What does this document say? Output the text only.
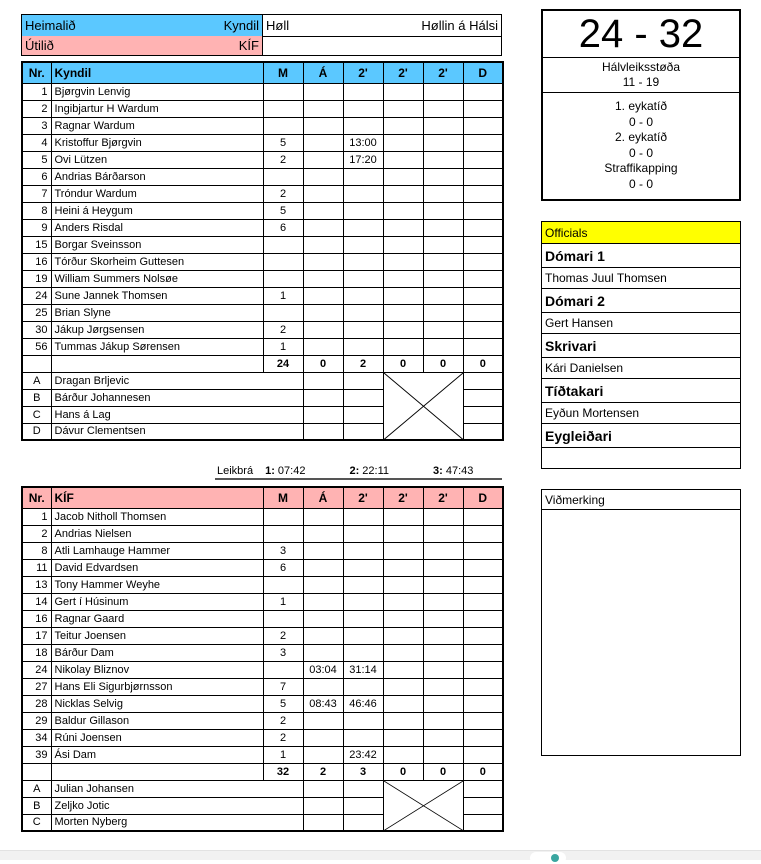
Heimalið	Kyndil Høll	Høllin á Hálsi
Útilið	KÍF
Nr.	Kyndil	M	Á	2'	2'	2'	D
1	Bjørgvin Lenvig						
2	Ingibjartur H Wardum						
3	Ragnar Wardum						
4	Kristoffur Bjørgvin	5		13:00			
5	Ovi Lützen	2		17:20			
6	Andrias Bárðarson						
7	Tróndur Wardum	2					
8	Heini á Heygum	5					
9	Anders Risdal	6					
15	Borgar Sveinsson						
16	Tórður Skorheim Guttesen						
19	William Summers Nolsøe						
24	Sune Jannek Thomsen	1					
25	Brian Slyne						
30	Jákup Jørgsensen	2					
56	Tummas Jákup Sørensen	1					
		24	0	2	0	0	0
A	Dragan Brljevic			

B	Bárður Johannesen						
C	Hans á Lag						
D	Dávur Clementsen						
Leikbrá 1: 07:42	2: 22:11	3: 47:43
Nr.	KÍF	M	Á	2'	2'	2'	D
1	Jacob Nitholl Thomsen						
2	Andrias Nielsen						
8	Atli Lamhauge Hammer	3					
11	David Edvardsen	6					
13	Tony Hammer Weyhe						
14	Gert í Húsinum	1					
16	Ragnar Gaard						
17	Teitur Joensen	2					
18	Bárður Dam	3					
24	Nikolay Bliznov		03:04	31:14			
27	Hans Eli Sigurbjørnsson	7					
28	Nicklas Selvig	5	08:43	46:46			
29	Baldur Gillason	2					
34	Rúni Joensen	2					
39	Ási Dam	1		23:42			
		32	2	3	0	0	0
A	Julian Johansen			

B	Zeljko Jotic						
C	Morten Nyberg						
24 - 32
Hálvleiksstøða
11 - 19
1. eykatíð
0 - 0
2. eykatíð
0 - 0
Straffikapping
0 - 0
Officials
Dómari 1
Thomas Juul Thomsen
Dómari 2
Gert Hansen
Skrivari
Kári Danielsen
Tíðtakari
Eyðun Mortensen
Eygleiðari
Viðmerking
